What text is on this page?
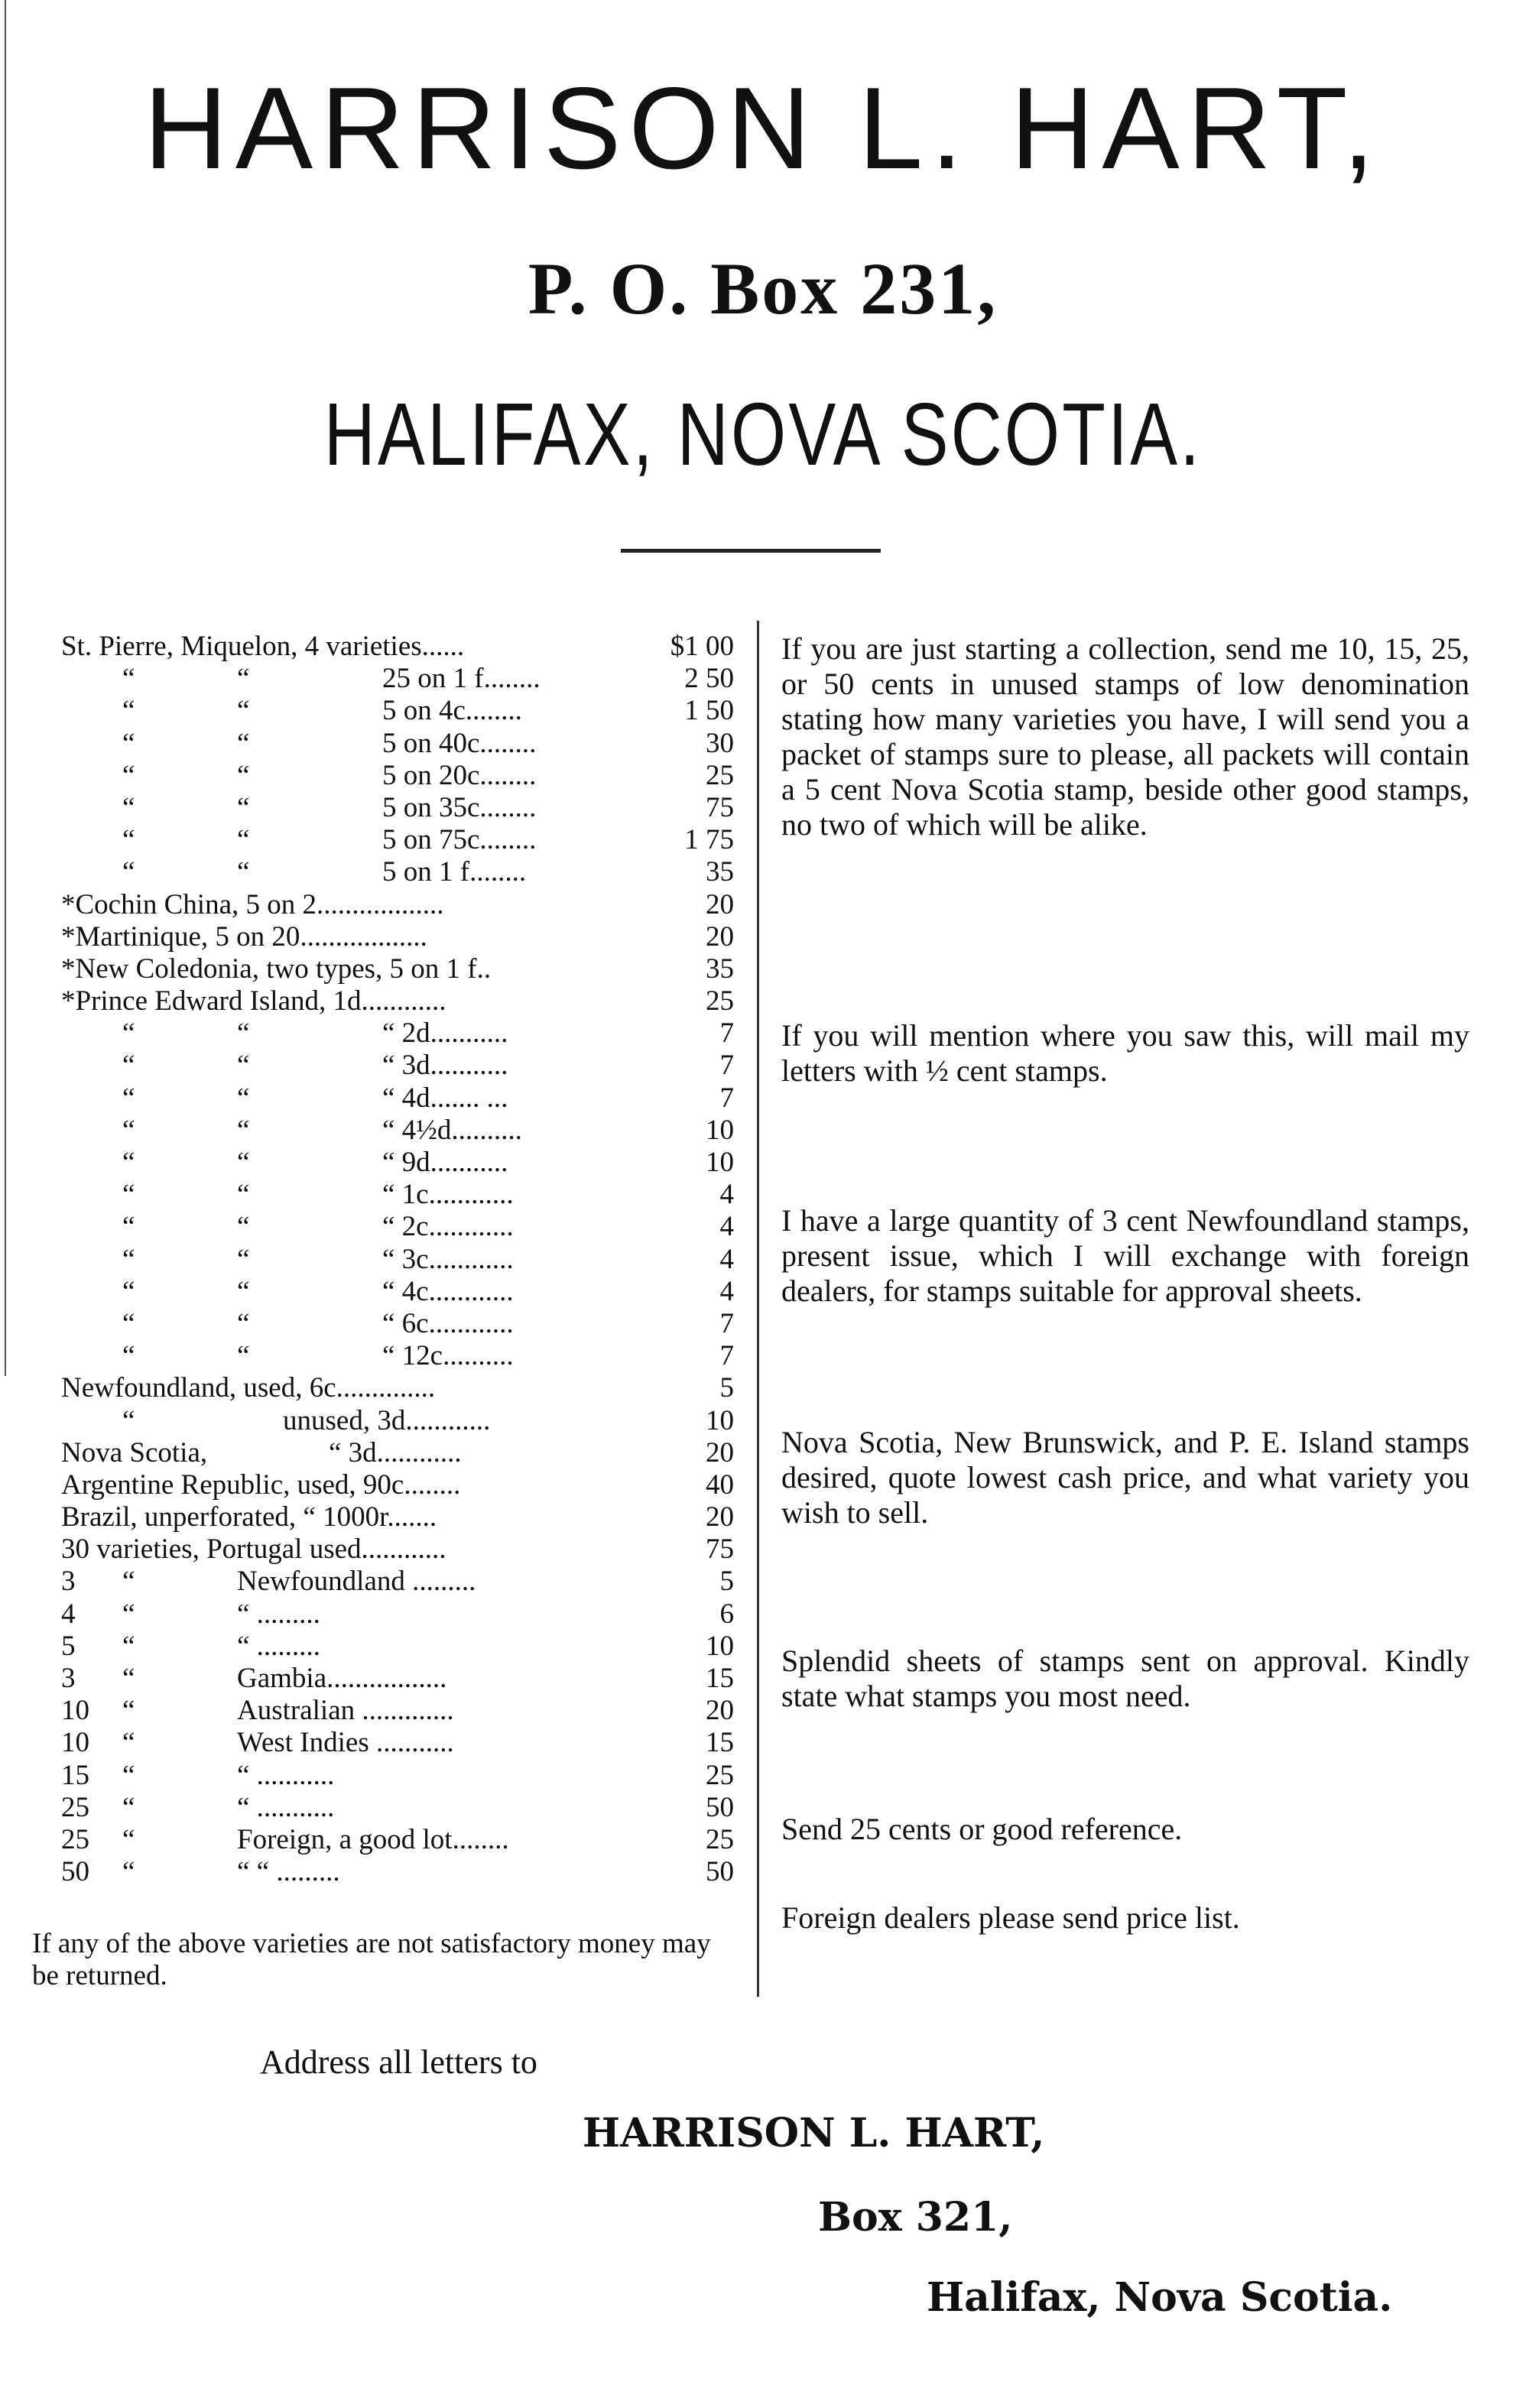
HARRISON L. HART,
P. O. Box 231,
HALIFAX, NOVA SCOTIA.
St. Pierre, Miquelon, 4 varieties......	$1 00
“	“	25 on 1 f........	2 50
“	“	5 on 4c........	1 50
“	“	5 on 40c........	30
“	“	5 on 20c........	25
“	“	5 on 35c........	75
“	“	5 on 75c........	1 75
“	“	5 on 1 f........	35
*Cochin China, 5 on 2..................	20
*Martinique, 5 on 20..................	20
*New Coledonia, two types, 5 on 1 f..	35
*Prince Edward Island, 1d............	25
“	“	“ 2d...........	7
“	“	“ 3d...........	7
“	“	“ 4d....... ...	7
“	“	“ 4½d..........	10
“	“	“ 9d...........	10
“	“	“ 1c............	4
“	“	“ 2c............	4
“	“	“ 3c............	4
“	“	“ 4c............	4
“	“	“ 6c............	7
“	“	“ 12c..........	7
Newfoundland, used, 6c..............	5
“	unused, 3d............	10
Nova Scotia,	“ 3d............	20
Argentine Republic, used, 90c........	40
Brazil, unperforated, “ 1000r.......	20
30 varieties, Portugal used............	75
3 “	Newfoundland .........	5
4 “	“ .........	6
5 “	“ .........	10
3 “	Gambia.................	15
10 “	Australian .............	20
10 “	West Indies ...........	15
15 “	“ ...........	25
25 “	“ ...........	50
25 “	Foreign, a good lot........	25
50 “	“ “ .........	50
If any of the above varieties are not satisfactory money may be returned.
If you are just starting a collection, send me 10, 15, 25, or 50 cents in unused stamps of low denomination stating how many varieties you have, I will send you a packet of stamps sure to please, all packets will contain a 5 cent Nova Scotia stamp, beside other good stamps, no two of which will be alike.
If you will mention where you saw this, will mail my letters with ½ cent stamps.
I have a large quantity of 3 cent Newfoundland stamps, present issue, which I will exchange with foreign dealers, for stamps suitable for approval sheets.
Nova Scotia, New Brunswick, and P. E. Island stamps desired, quote lowest cash price, and what variety you wish to sell.
Splendid sheets of stamps sent on approval. Kindly state what stamps you most need.
Send 25 cents or good reference.
Foreign dealers please send price list.
Address all letters to
HARRISON L. HART,
Box 321,
Halifax, Nova Scotia.
